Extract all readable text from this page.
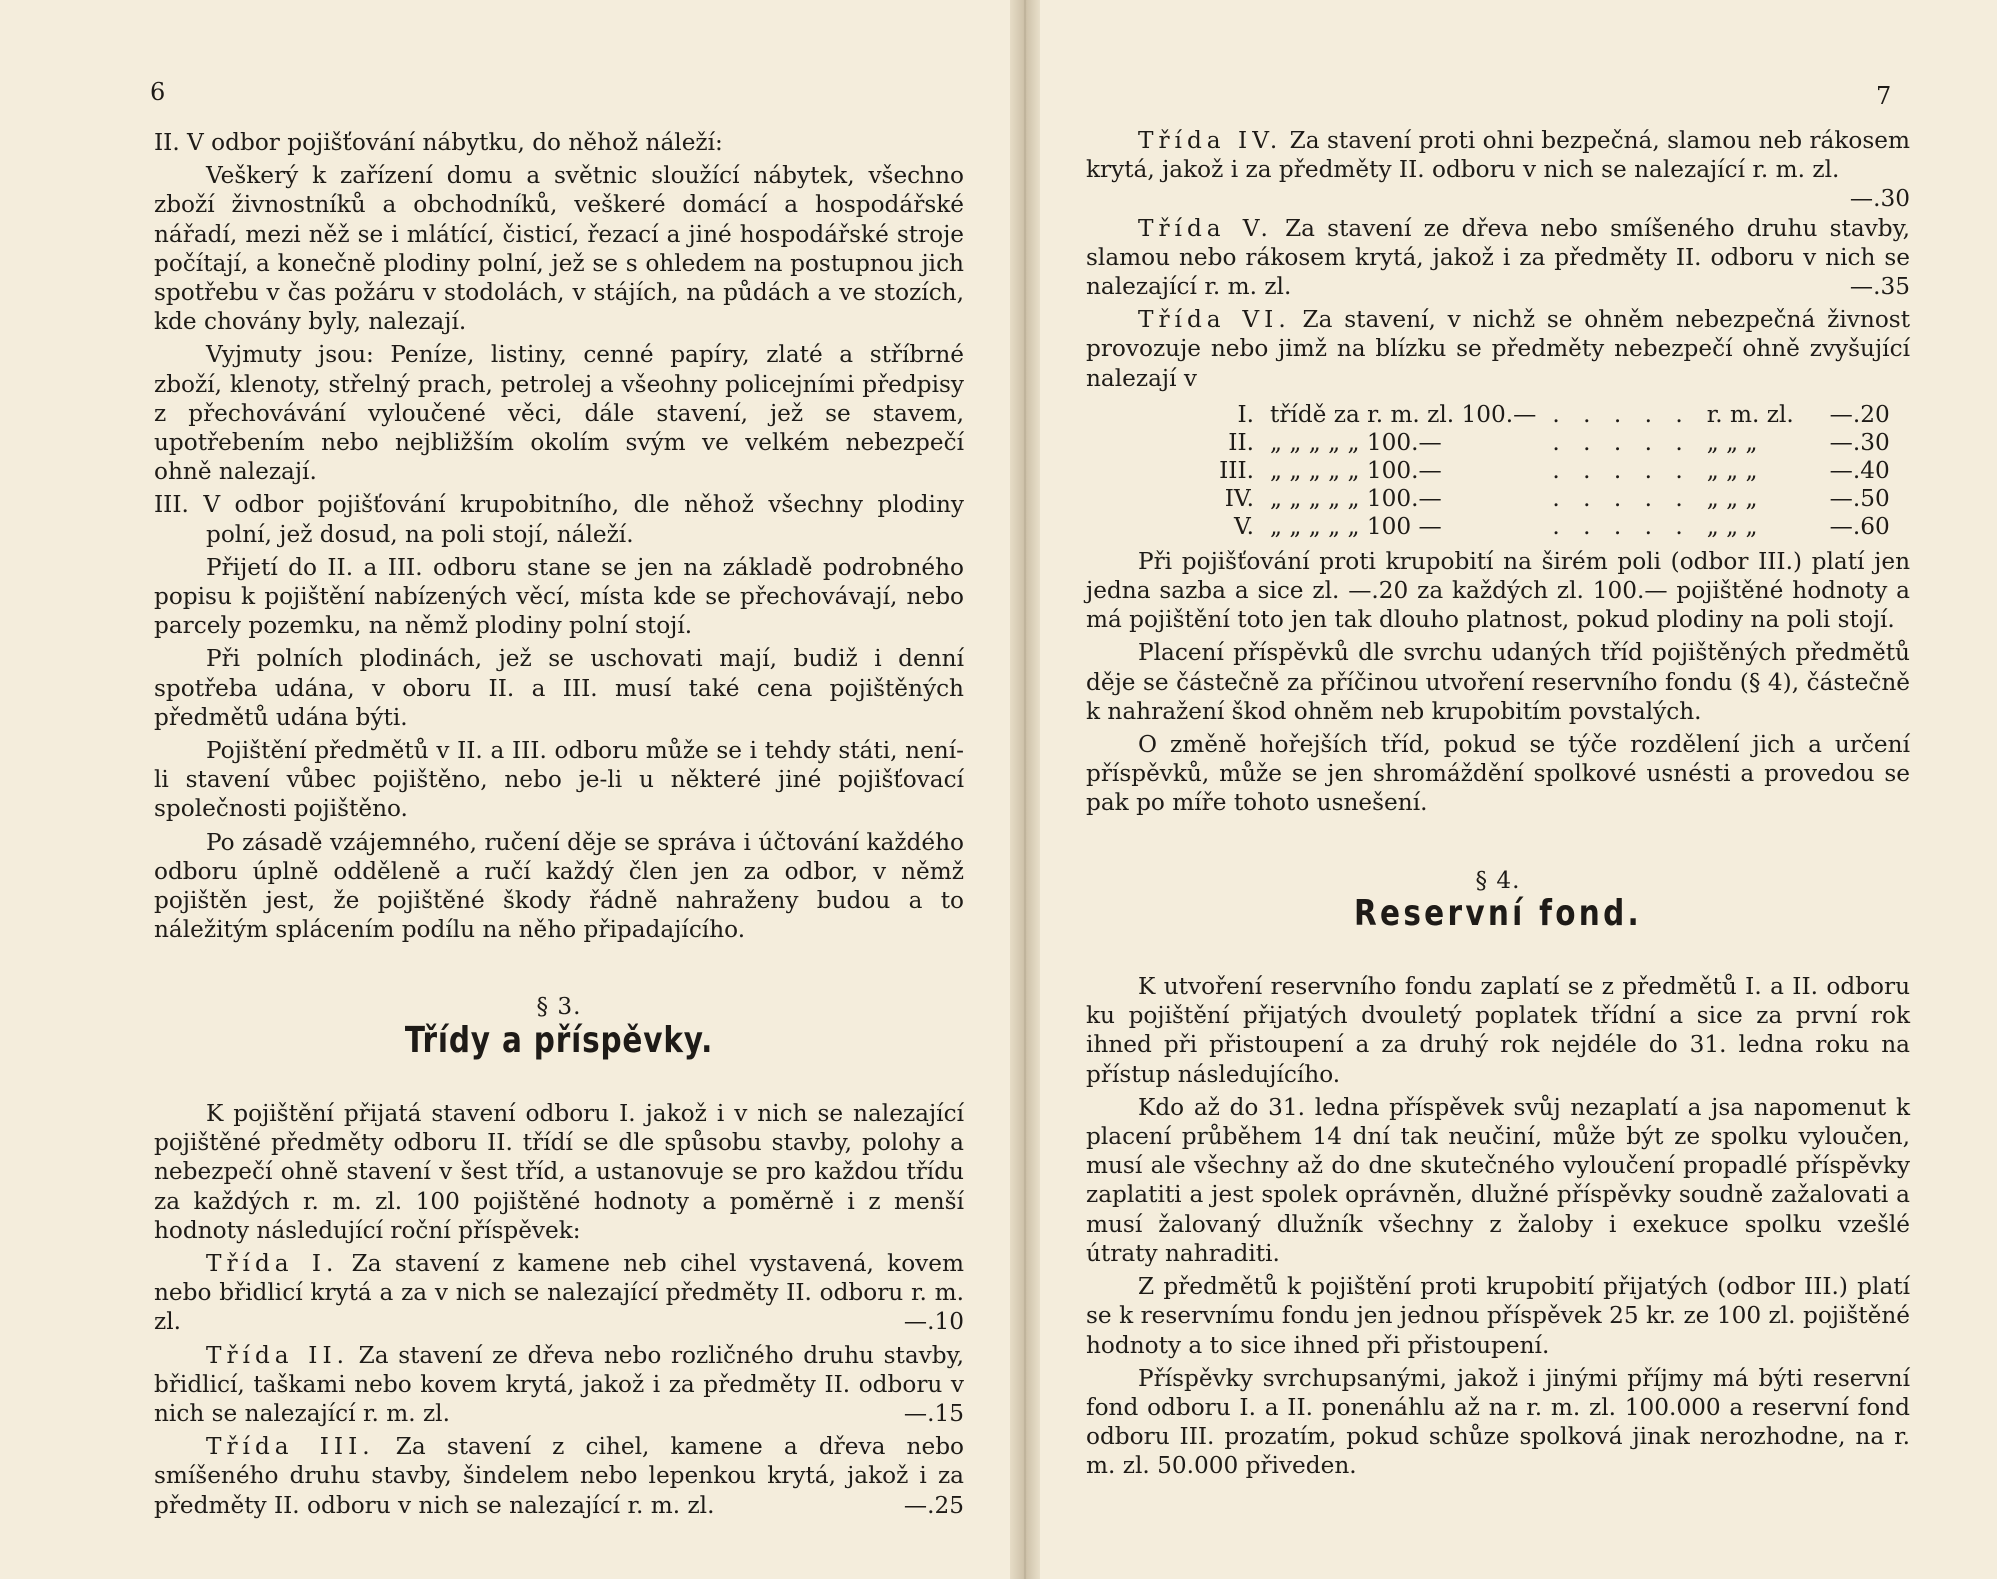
6

II. V odbor pojišťování nábytku, do něhož náleží:

Veškerý k zařízení domu a světnic sloužící nábytek, všechno zboží živnostníků a obchodníků, veškeré domácí a hospodářské nářadí, mezi něž se i mlátící, čisticí, řezací a jiné hospodářské stroje počítají, a konečně plodiny polní, jež se s ohledem na postupnou jich spotřebu v čas požáru v stodolách, v stájích, na půdách a ve stozích, kde chovány byly, nalezají.

Vyjmuty jsou: Peníze, listiny, cenné papíry, zlaté a stříbrné zboží, klenoty, střelný prach, petrolej a všeohny policejními předpisy z přechovávání vyloučené věci, dále stavení, jež se stavem, upotřebením nebo nejbližším okolím svým ve velkém nebezpečí ohně nalezají.

III. V odbor pojišťování krupobitního, dle něhož všechny plodiny polní, jež dosud, na poli stojí, náleží.

Přijetí do II. a III. odboru stane se jen na základě podrobného popisu k pojištění nabízených věcí, místa kde se přechovávají, nebo parcely pozemku, na němž plodiny polní stojí.

Při polních plodinách, jež se uschovati mají, budiž i denní spotřeba udána, v oboru II. a III. musí také cena pojištěných předmětů udána býti.

Pojištění předmětů v II. a III. odboru může se i tehdy státi, není-li stavení vůbec pojištěno, nebo je-li u některé jiné pojišťovací společnosti pojištěno.

Po zásadě vzájemného, ručení děje se správa i účtování každého odboru úplně odděleně a ručí každý člen jen za odbor, v němž pojištěn jest, že pojištěné škody řádně nahraženy budou a to náležitým splácením podílu na něho připadajícího.

§ 3.
Třídy a příspěvky.

K pojištění přijatá stavení odboru I. jakož i v nich se nalezající pojištěné předměty odboru II. třídí se dle spůsobu stavby, polohy a nebezpečí ohně stavení v šest tříd, a ustanovuje se pro každou třídu za každých r. m. zl. 100 pojištěné hodnoty a poměrně i z menší hodnoty následující roční příspěvek:

Třída I. Za stavení z kamene neb cihel vystavená, kovem nebo břidlicí krytá a za v nich se nalezající předměty II. odboru r. m. zl.	—.10

Třída II. Za stavení ze dřeva nebo rozličného druhu stavby, břidlicí, taškami nebo kovem krytá, jakož i za předměty II. odboru v nich se nalezající r. m. zl.	—.15

Třída III. Za stavení z cihel, kamene a dřeva nebo smíšeného druhu stavby, šindelem nebo lepenkou krytá, jakož i za předměty II. odboru v nich se nalezající r. m. zl.	—.25

7

Třída IV. Za stavení proti ohni bezpečná, slamou neb rákosem krytá, jakož i za předměty II. odboru v nich se nalezající r. m. zl.
—.30

Třída V. Za stavení ze dřeva nebo smíšeného druhu stavby, slamou nebo rákosem krytá, jakož i za předměty II. odboru v nich se nalezající r. m. zl.	—.35

Třída VI. Za stavení, v nichž se ohněm nebezpečná živnost provozuje nebo jimž na blízku se předměty nebezpečí ohně zvyšující nalezají v

I.	třídě za r. m. zl. 100.—	. . . . .	r. m. zl.	—.20
II.	„ „ „ „ „ 100.—	. . . . .	„ „ „	—.30
III.	„ „ „ „ „ 100.—	. . . . .	„ „ „	—.40
IV.	„ „ „ „ „ 100.—	. . . . .	„ „ „	—.50
V.	„ „ „ „ „ 100 —	. . . . .	„ „ „	—.60

Při pojišťování proti krupobití na širém poli (odbor III.) platí jen jedna sazba a sice zl. —.20 za každých zl. 100.— pojištěné hodnoty a má pojištění toto jen tak dlouho platnost, pokud plodiny na poli stojí.

Placení příspěvků dle svrchu udaných tříd pojištěných předmětů děje se částečně za příčinou utvoření reservního fondu (§ 4), částečně k nahražení škod ohněm neb krupobitím povstalých.

O změně hořejších tříd, pokud se týče rozdělení jich a určení příspěvků, může se jen shromáždění spolkové usnésti a provedou se pak po míře tohoto usnešení.

§ 4.
Reservní fond.

K utvoření reservního fondu zaplatí se z předmětů I. a II. odboru ku pojištění přijatých dvouletý poplatek třídní a sice za první rok ihned při přistoupení a za druhý rok nejdéle do 31. ledna roku na přístup následujícího.

Kdo až do 31. ledna příspěvek svůj nezaplatí a jsa napomenut k placení průběhem 14 dní tak neučiní, může být ze spolku vyloučen, musí ale všechny až do dne skutečného vyloučení propadlé příspěvky zaplatiti a jest spolek oprávněn, dlužné příspěvky soudně zažalovati a musí žalovaný dlužník všechny z žaloby i exekuce spolku vzešlé útraty nahraditi.

Z předmětů k pojištění proti krupobití přijatých (odbor III.) platí se k reservnímu fondu jen jednou příspěvek 25 kr. ze 100 zl. pojištěné hodnoty a to sice ihned při přistoupení.

Příspěvky svrchupsanými, jakož i jinými příjmy má býti reservní fond odboru I. a II. ponenáhlu až na r. m. zl. 100.000 a reservní fond odboru III. prozatím, pokud schůze spolková jinak nerozhodne, na r. m. zl. 50.000 přiveden.
